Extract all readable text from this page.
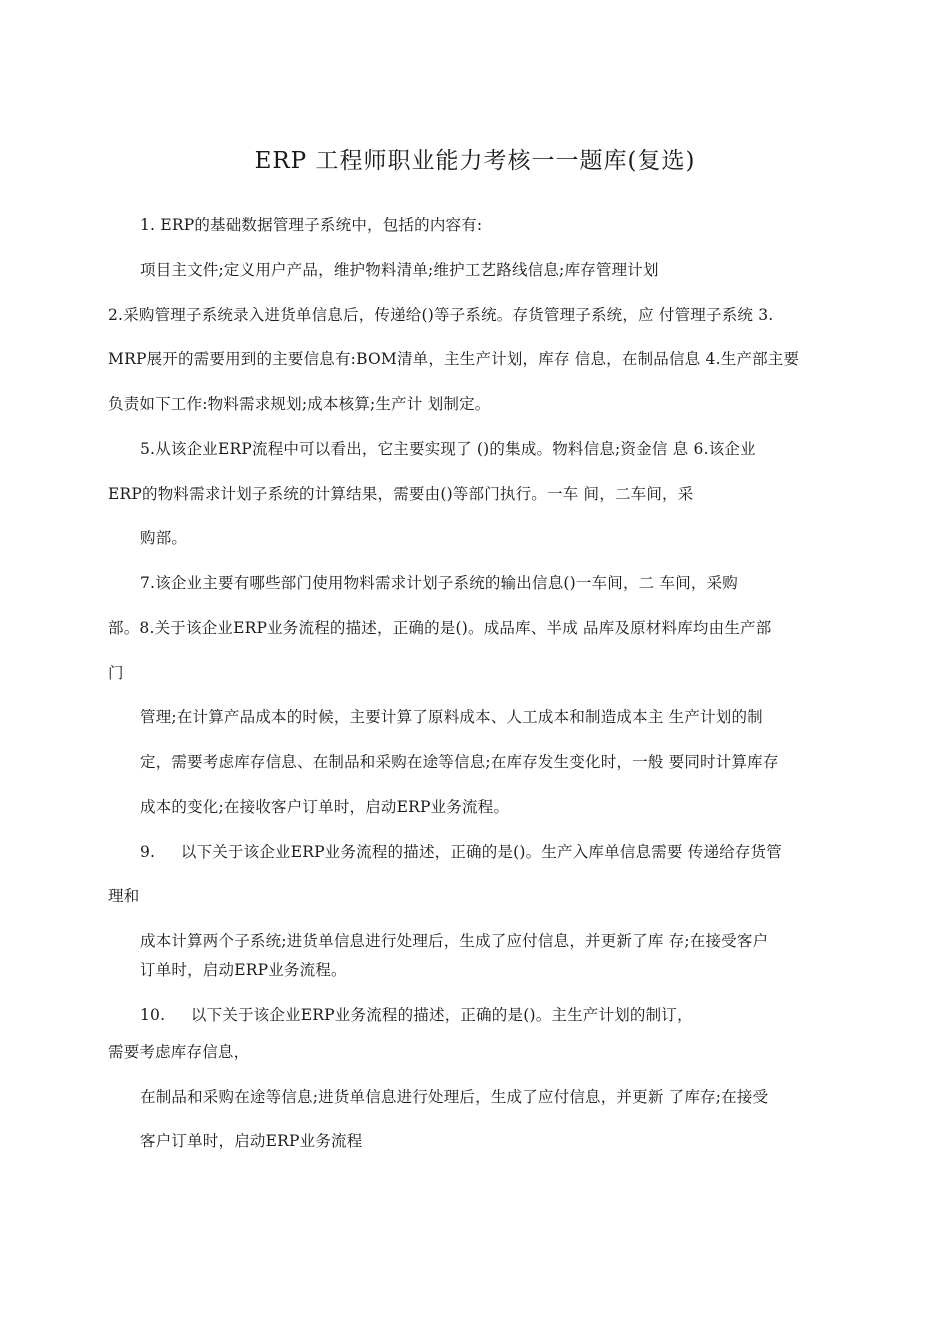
ERP 工程师职业能力考核一一题库(复选)
1. ERP的基础数据管理子系统中，包括的内容有:
项目主文件;定义用户产品，维护物料清单;维护工艺路线信息;库存管理计划
2.采购管理子系统录入进货单信息后，传递给()等子系统。存货管理子系统，应 付管理子系统 3.
MRP展开的需要用到的主要信息有:BOM清单，主生产计划，库存 信息，在制品信息 4.生产部主要
负责如下工作:物料需求规划;成本核算;生产计 划制定。
5.从该企业ERP流程中可以看出，它主要实现了 ()的集成。物料信息;资金信 息 6.该企业
ERP的物料需求计划子系统的计算结果，需要由()等部门执行。一车 间，二车间，采
购部。
7.该企业主要有哪些部门使用物料需求计划子系统的输出信息()一车间，二 车间，采购
部。8.关于该企业ERP业务流程的描述，正确的是()。成品库、半成 品库及原材料库均由生产部
门
管理;在计算产品成本的时候，主要计算了原料成本、人工成本和制造成本主 生产计划的制
定，需要考虑库存信息、在制品和采购在途等信息;在库存发生变化时，一般 要同时计算库存
成本的变化;在接收客户订单时，启动ERP业务流程。
9.     以下关于该企业ERP业务流程的描述，正确的是()。生产入库单信息需要 传递给存货管
理和
成本计算两个子系统;进货单信息进行处理后，生成了应付信息，并更新了库 存;在接受客户
订单时，启动ERP业务流程。
10.     以下关于该企业ERP业务流程的描述，正确的是()。主生产计划的制订，
需要考虑库存信息，
在制品和采购在途等信息;进货单信息进行处理后，生成了应付信息，并更新 了库存;在接受
客户订单时，启动ERP业务流程
